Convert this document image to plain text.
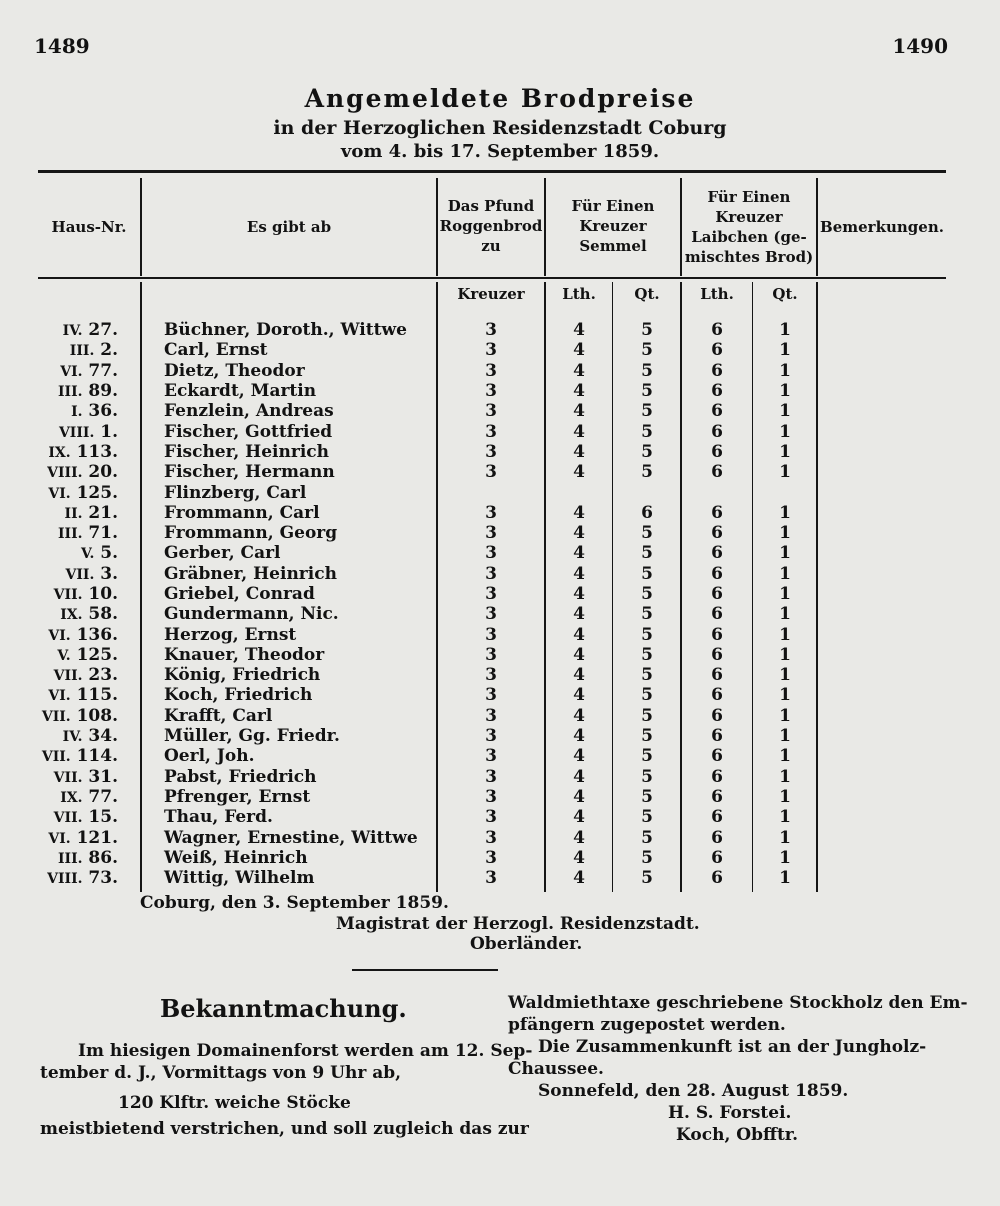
1489	1490
Angemeldete Brodpreise
in der Herzoglichen Residenzstadt Coburg
vom 4. bis 17. September 1859.
Haus-Nr.	Es gibt ab
Das Pfund
Roggenbrod
zu
Für Einen
Kreuzer
Semmel
Für Einen
Kreuzer
Laibchen (ge-
mischtes Brod)
Bemerkungen.
Kreuzer	Lth.	Qt.	Lth.	Qt.
IV. 27.	Büchner, Doroth., Wittwe	3	4	5	6	1
III. 2.	Carl, Ernst	3	4	5	6	1
VI. 77.	Dietz, Theodor	3	4	5	6	1
III. 89.	Eckardt, Martin	3	4	5	6	1
I. 36.	Fenzlein, Andreas	3	4	5	6	1
VIII. 1.	Fischer, Gottfried	3	4	5	6	1
IX. 113.	Fischer, Heinrich	3	4	5	6	1
VIII. 20.	Fischer, Hermann	3	4	5	6	1
VI. 125.	Flinzberg, Carl
II. 21.	Frommann, Carl	3	4	6	6	1
III. 71.	Frommann, Georg	3	4	5	6	1
V. 5.	Gerber, Carl	3	4	5	6	1
VII. 3.	Gräbner, Heinrich	3	4	5	6	1
VII. 10.	Griebel, Conrad	3	4	5	6	1
IX. 58.	Gundermann, Nic.	3	4	5	6	1
VI. 136.	Herzog, Ernst	3	4	5	6	1
V. 125.	Knauer, Theodor	3	4	5	6	1
VII. 23.	König, Friedrich	3	4	5	6	1
VI. 115.	Koch, Friedrich	3	4	5	6	1
VII. 108.	Krafft, Carl	3	4	5	6	1
IV. 34.	Müller, Gg. Friedr.	3	4	5	6	1
VII. 114.	Oerl, Joh.	3	4	5	6	1
VII. 31.	Pabst, Friedrich	3	4	5	6	1
IX. 77.	Pfrenger, Ernst	3	4	5	6	1
VII. 15.	Thau, Ferd.	3	4	5	6	1
VI. 121.	Wagner, Ernestine, Wittwe	3	4	5	6	1
III. 86.	Weiß, Heinrich	3	4	5	6	1
VIII. 73.	Wittig, Wilhelm	3	4	5	6	1
Coburg, den 3. September 1859.
Magistrat der Herzogl. Residenzstadt.
Oberländer.
Bekanntmachung.
Im hiesigen Domainenforst werden am 12. Sep-
tember d. J., Vormittags von 9 Uhr ab,
120 Klftr. weiche Stöcke
meistbietend verstrichen, und soll zugleich das zur
Waldmiethtaxe geschriebene Stockholz den Em-
pfängern zugepostet werden.
Die Zusammenkunft ist an der Jungholz-
Chaussee.
Sonnefeld, den 28. August 1859.
H. S. Forstei.
Koch, Obfftr.
